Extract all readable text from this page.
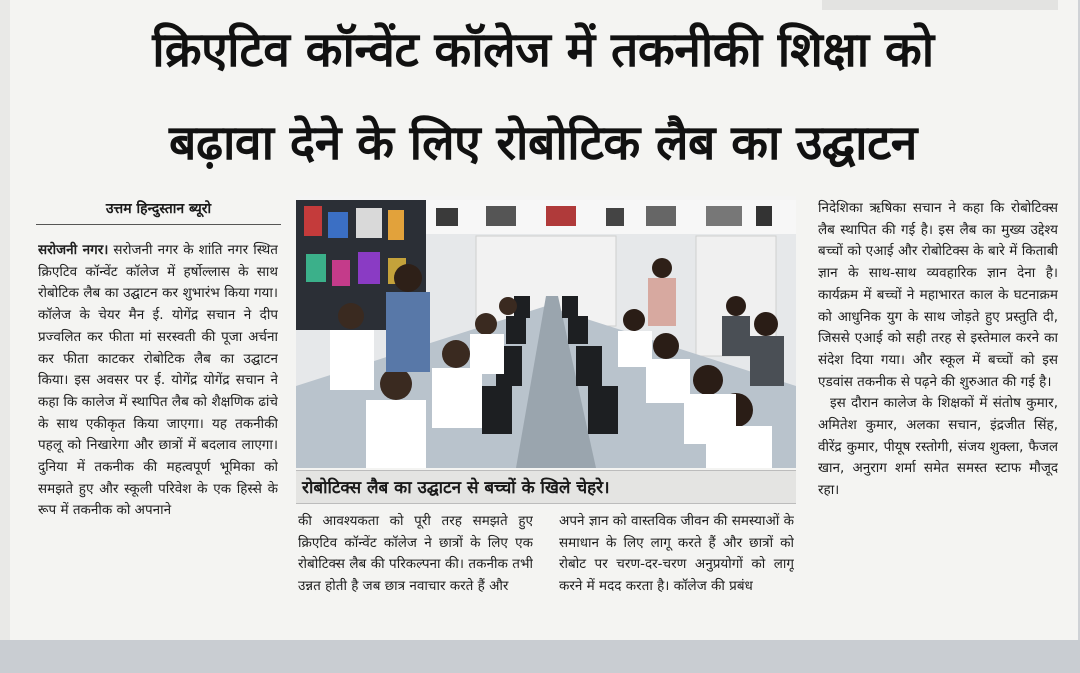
क्रिएटिव कॉन्वेंट कॉलेज में तकनीकी शिक्षा को
बढ़ावा देने के लिए रोबोटिक लैब का उद्घाटन

उत्तम हिन्दुस्तान ब्यूरो

सरोजनी नगर। सरोजनी नगर के शांति नगर स्थित क्रिएटिव कॉन्वेंट कॉलेज में हर्षोल्लास के साथ रोबोटिक लैब का उद्घाटन कर शुभारंभ किया गया। कॉलेज के चेयर मैन ई. योगेंद्र सचान ने दीप प्रज्वलित कर फीता मां सरस्वती की पूजा अर्चना कर फीता काटकर रोबोटिक लैब का उद्घाटन किया। इस अवसर पर ई. योगेंद्र योगेंद्र सचान ने कहा कि कालेज में स्थापित लैब को शैक्षणिक ढांचे के साथ एकीकृत किया जाएगा। यह तकनीकी पहलू को निखारेगा और छात्रों में बदलाव लाएगा। दुनिया में तकनीक की महत्वपूर्ण भूमिका को समझते हुए और स्कूली परिवेश के एक हिस्से के रूप में तकनीक को अपनाने

रोबोटिक्स लैब का उद्घाटन से बच्चों के खिले चेहरे।

की आवश्यकता को पूरी तरह समझते हुए क्रिएटिव कॉन्वेंट कॉलेज ने छात्रों के लिए एक रोबोटिक्स लैब की परिकल्पना की। तकनीक तभी उन्नत होती है जब छात्र नवाचार करते हैं और

अपने ज्ञान को वास्तविक जीवन की समस्याओं के समाधान के लिए लागू करते हैं और छात्रों को रोबोट पर चरण-दर-चरण अनुप्रयोगों को लागू करने में मदद करता है। कॉलेज की प्रबंध

निदेशिका ऋषिका सचान ने कहा कि रोबोटिक्स लैब स्थापित की गई है। इस लैब का मुख्य उद्देश्य बच्चों को एआई और रोबोटिक्स के बारे में किताबी ज्ञान के साथ-साथ व्यवहारिक ज्ञान देना है। कार्यक्रम में बच्चों ने महाभारत काल के घटनाक्रम को आधुनिक युग के साथ जोड़ते हुए प्रस्तुति दी, जिससे एआई को सही तरह से इस्तेमाल करने का संदेश दिया गया। और स्कूल में बच्चों को इस एडवांस तकनीक से पढ़ने की शुरुआत की गई है।
इस दौरान कालेज के शिक्षकों में संतोष कुमार, अमितेश कुमार, अलका सचान, इंद्रजीत सिंह, वीरेंद्र कुमार, पीयूष रस्तोगी, संजय शुक्ला, फैजल खान, अनुराग शर्मा समेत समस्त स्टाफ मौजूद रहा।
